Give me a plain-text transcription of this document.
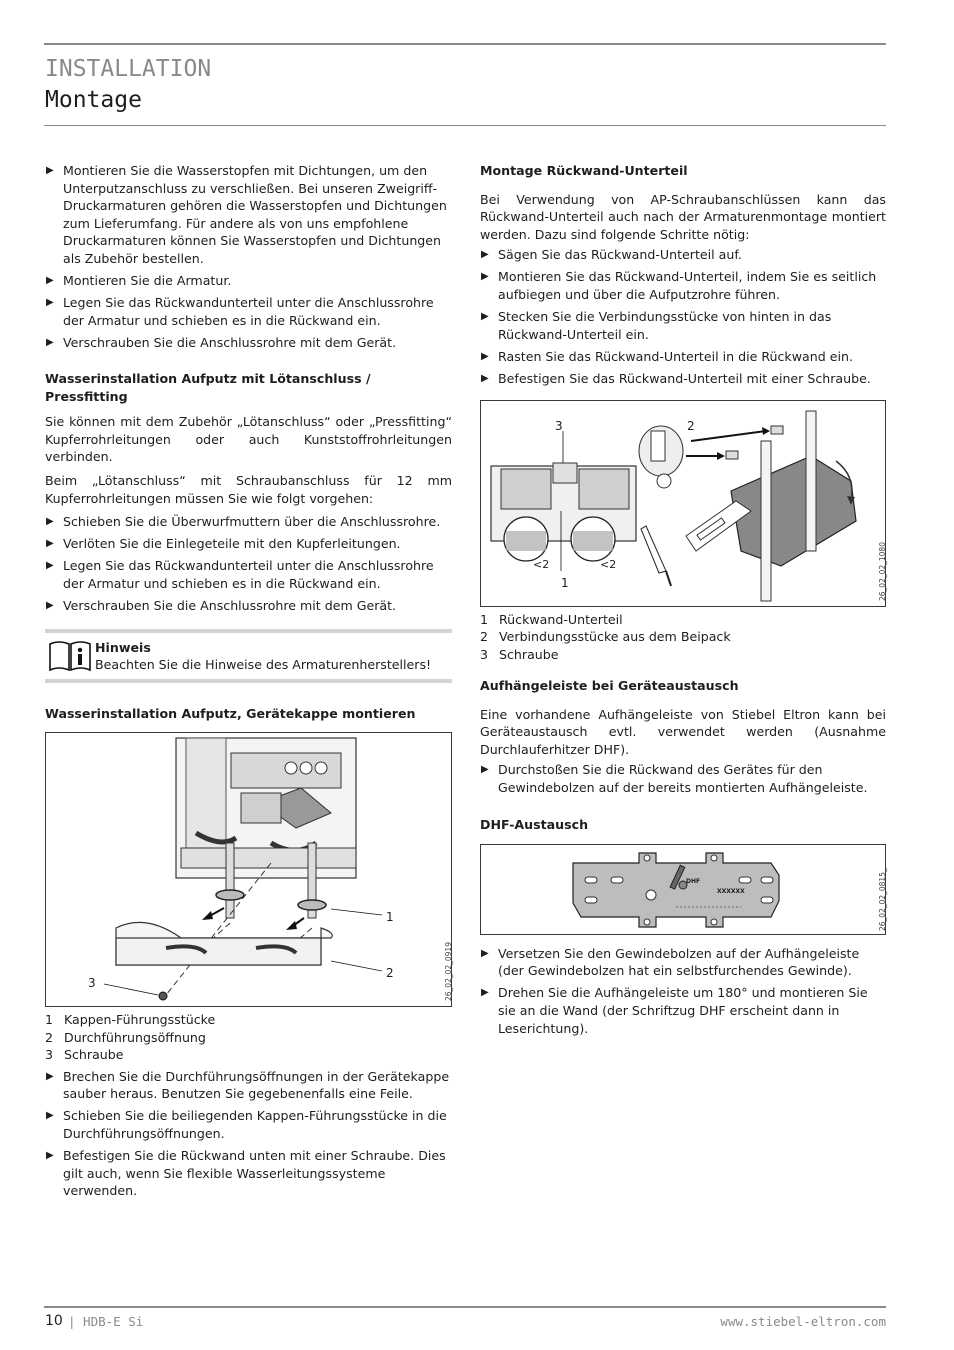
INSTALLATION
Montage
▶ Montieren Sie die Wasserstopfen mit Dichtungen, um den Unterputzanschluss zu verschließen. Bei unseren Zweigriff-Druckarmaturen gehören die Wasserstopfen und Dichtungen zum Lieferumfang. Für andere als von uns empfohlene Druckarmaturen können Sie Wasserstopfen und Dichtungen als Zubehör bestellen.
▶ Montieren Sie die Armatur.
▶ Legen Sie das Rückwandunterteil unter die Anschlussrohre der Armatur und schieben es in die Rückwand ein.
▶ Verschrauben Sie die Anschlussrohre mit dem Gerät.
Wasserinstallation Aufputz mit Lötanschluss / Pressfitting
Sie können mit dem Zubehör „Lötanschluss“ oder „Pressfitting“ Kupferrohrleitungen oder auch Kunststoffrohrleitungen verbinden.
Beim „Lötanschluss“ mit Schraubanschluss für 12 mm Kupferrohrleitungen müssen Sie wie folgt vorgehen:
▶ Schieben Sie die Überwurfmuttern über die Anschlussrohre.
▶ Verlöten Sie die Einlegeteile mit den Kupferleitungen.
▶ Legen Sie das Rückwandunterteil unter die Anschlussrohre der Armatur und schieben es in die Rückwand ein.
▶ Verschrauben Sie die Anschlussrohre mit dem Gerät.
Hinweis
Beachten Sie die Hinweise des Armaturenherstellers!
Wasserinstallation Aufputz, Gerätekappe montieren
1
2
3	26_02_02_0919
1 Kappen-Führungsstücke
2 Durchführungsöffnung
3 Schraube
▶ Brechen Sie die Durchführungsöffnungen in der Gerätekappe sauber heraus. Benutzen Sie gegebenenfalls eine Feile.
▶ Schieben Sie die beiliegenden Kappen-Führungsstücke in die Durchführungsöffnungen.
▶ Befestigen Sie die Rückwand unten mit einer Schraube. Dies gilt auch, wenn Sie flexible Wasserleitungssysteme verwenden.
Montage Rückwand-Unterteil
Bei Verwendung von AP-Schraubanschlüssen kann das Rückwand-Unterteil auch nach der Armaturenmontage montiert werden. Dazu sind folgende Schritte nötig:
▶ Sägen Sie das Rückwand-Unterteil auf.
▶ Montieren Sie das Rückwand-Unterteil, indem Sie es seitlich aufbiegen und über die Aufputzrohre führen.
▶ Stecken Sie die Verbindungsstücke von hinten in das Rückwand-Unterteil ein.
▶ Rasten Sie das Rückwand-Unterteil in die Rückwand ein.
▶ Befestigen Sie das Rückwand-Unterteil mit einer Schraube.
3	2
1
<2	<2	26_02_02_1080
1 Rückwand-Unterteil
2 Verbindungsstücke aus dem Beipack
3 Schraube
Aufhängeleiste bei Geräteaustausch
Eine vorhandene Aufhängeleiste von Stiebel Eltron kann bei Geräteaustausch evtl. verwendet werden (Ausnahme Durchlauferhitzer DHF).
▶ Durchstoßen Sie die Rückwand des Gerätes für den Gewindebolzen auf der bereits montierten Aufhängeleiste.
DHF-Austausch
XXXXXX
DHF	26_02_02_0815_
▶ Versetzen Sie den Gewindebolzen auf der Aufhängeleiste (der Gewindebolzen hat ein selbstfurchendes Gewinde).
▶ Drehen Sie die Aufhängeleiste um 180° und montieren Sie sie an die Wand (der Schriftzug DHF erscheint dann in Leserichtung).
10 | HDB-E Si	www.stiebel-eltron.com
